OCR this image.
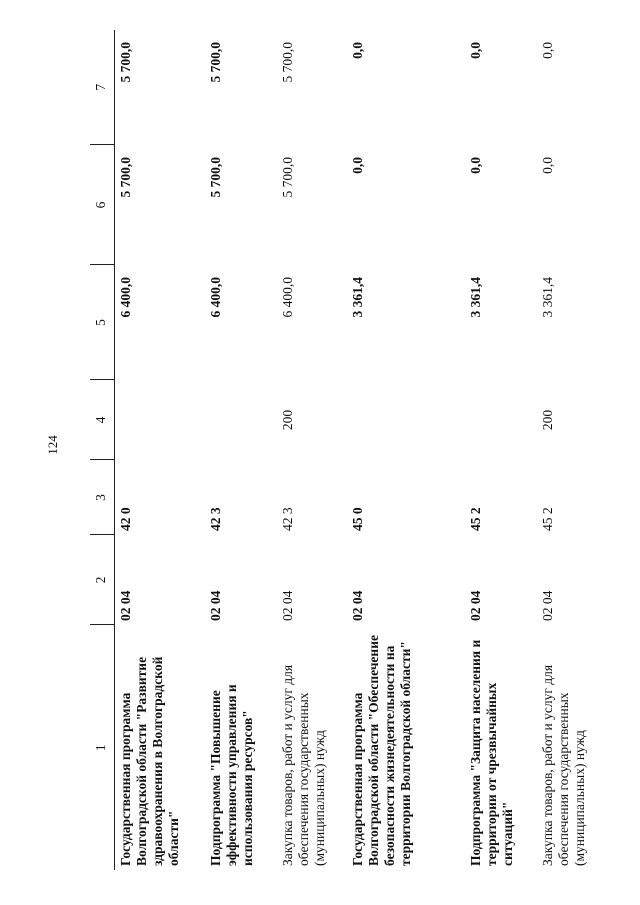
124
1	2	3	4	5	6	7
Государственная программа Волгоградской области "Развитие здравоохранения в Волгоградской области"	02 04	42 0		6 400,0	5 700,0	5 700,0
Подпрограмма "Повышение эффективности управления и использования ресурсов"	02 04	42 3		6 400,0	5 700,0	5 700,0
Закупка товаров, работ и услуг для обеспечения государственных (муниципальных) нужд	02 04	42 3	200	6 400,0	5 700,0	5 700,0
Государственная программа Волгоградской области "Обеспечение безопасности жизнедеятельности на территории Волгоградской области"	02 04	45 0		3 361,4	0,0	0,0
Подпрограмма "Защита населения и территории от чрезвычайных ситуаций"	02 04	45 2		3 361,4	0,0	0,0
Закупка товаров, работ и услуг для обеспечения государственных (муниципальных) нужд	02 04	45 2	200	3 361,4	0,0	0,0
